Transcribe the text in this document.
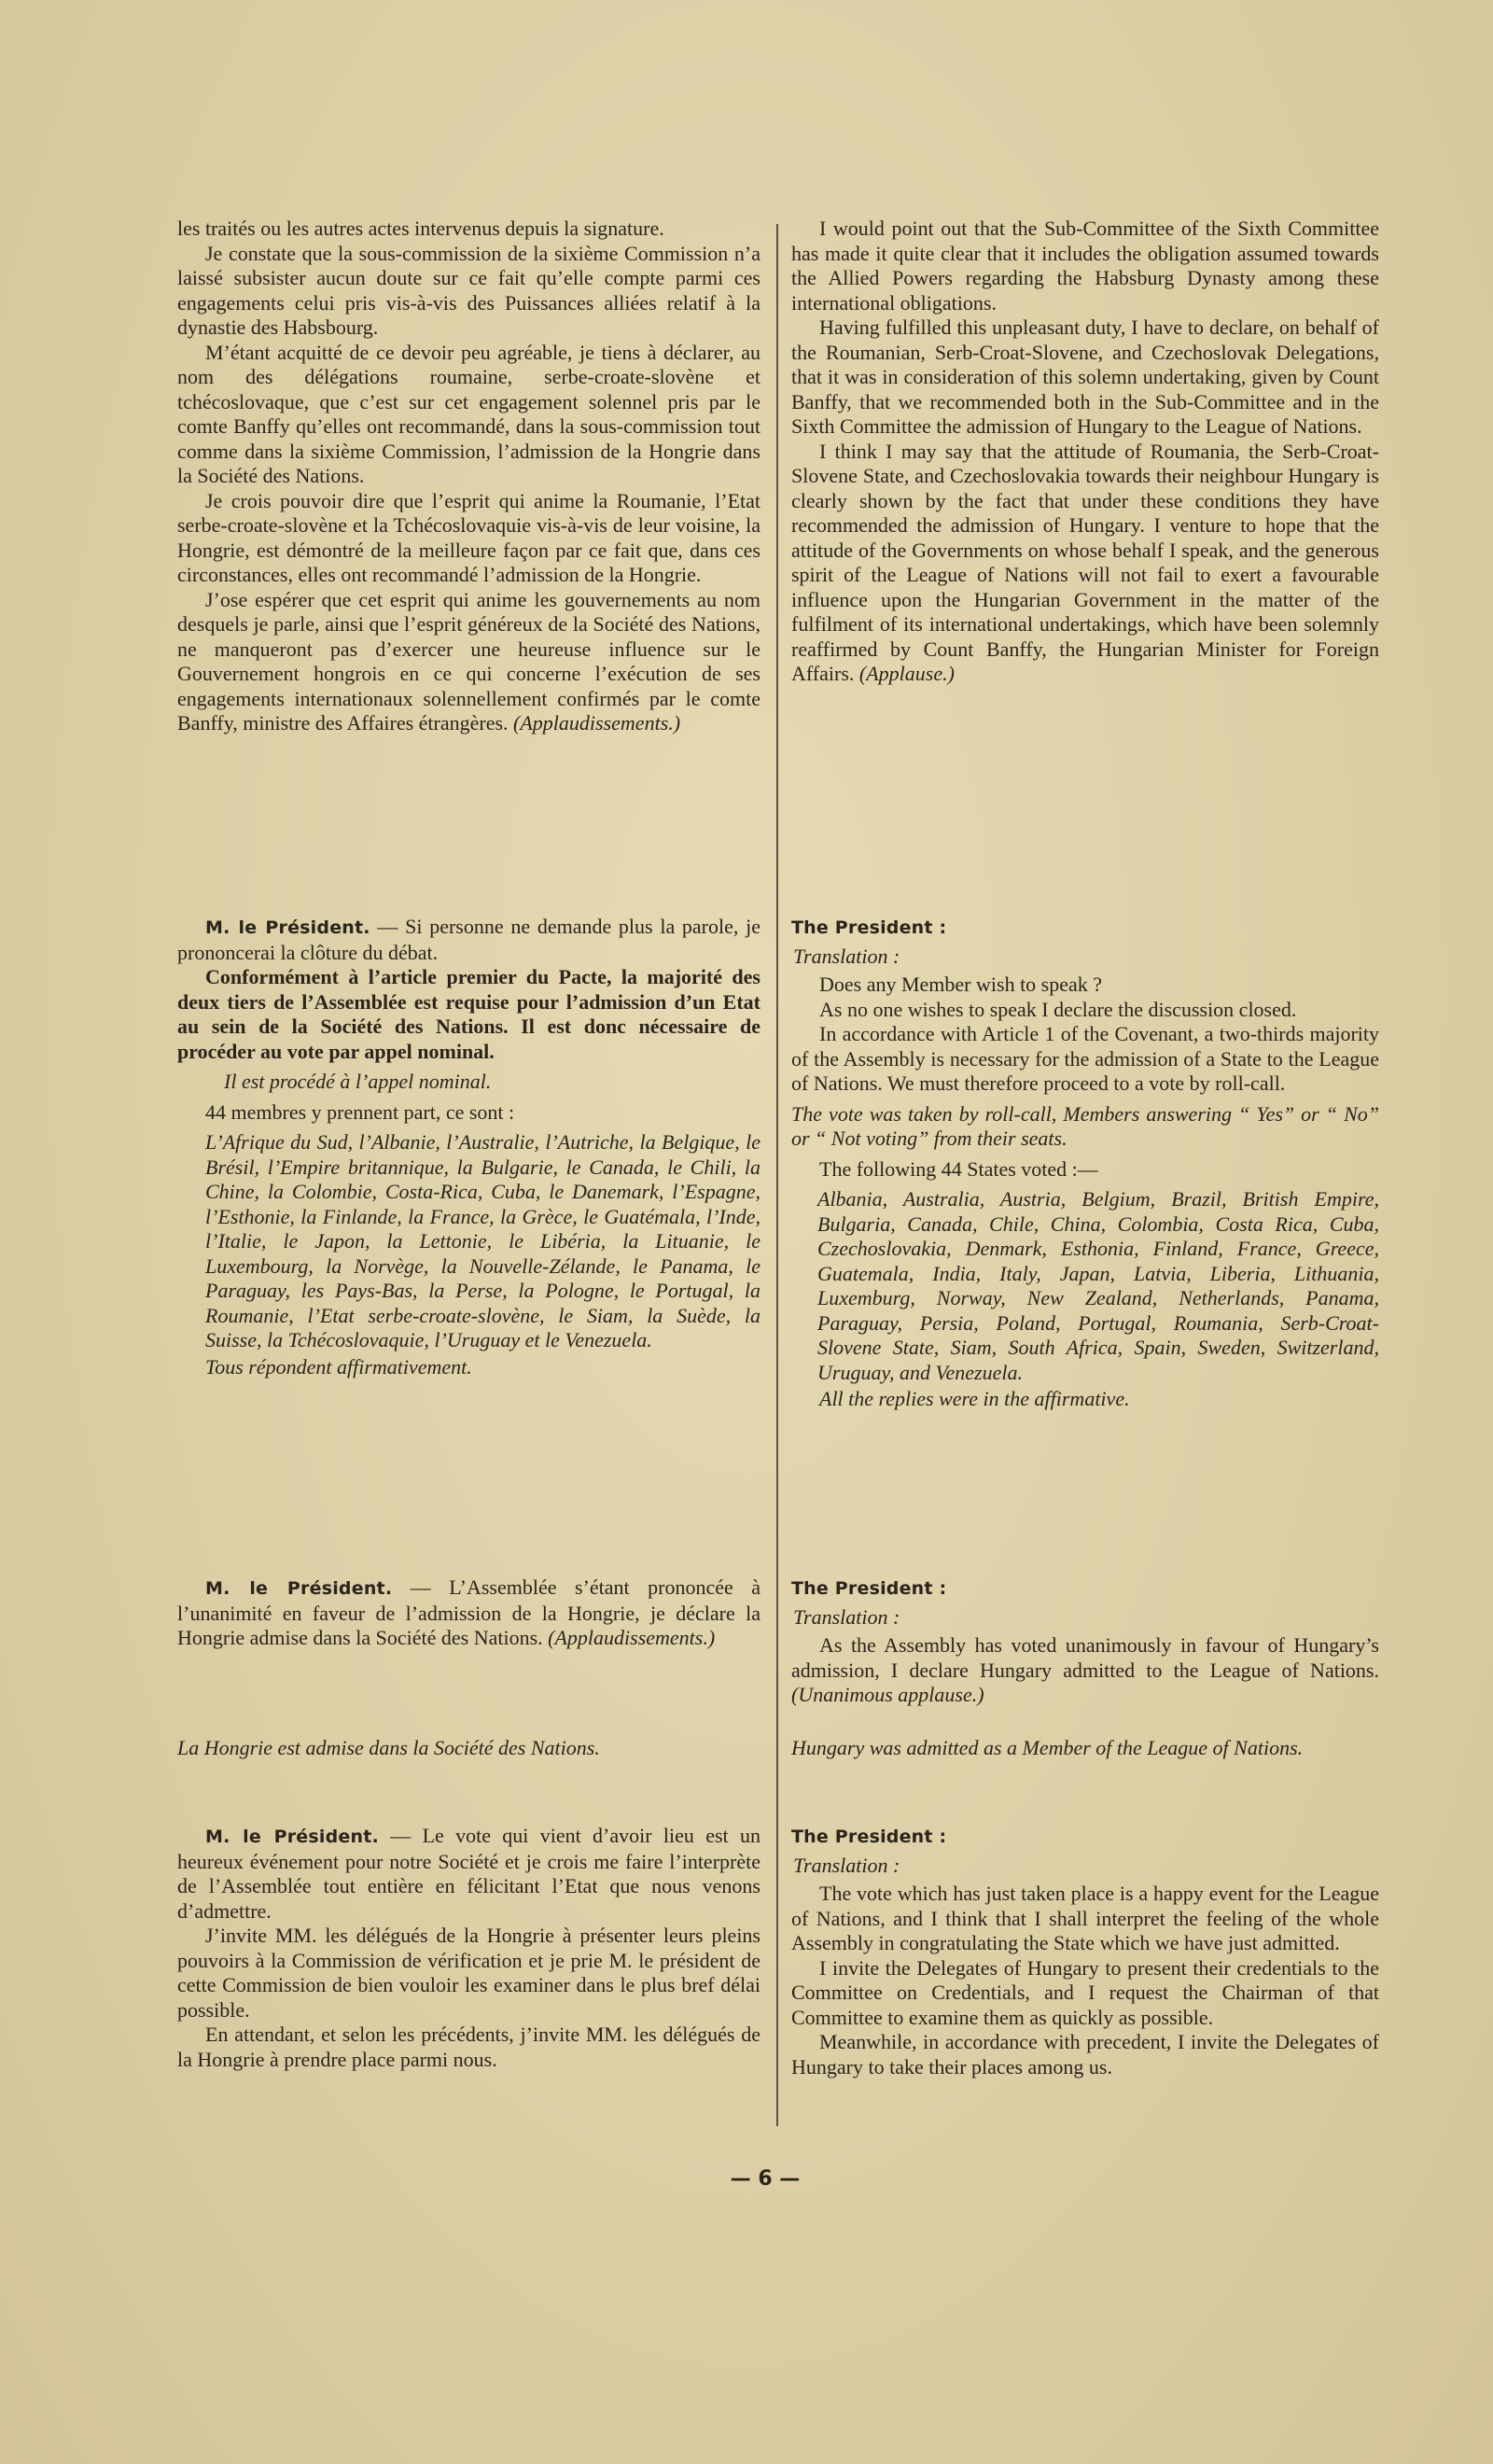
les traités ou les autres actes intervenus depuis la signature.

Je constate que la sous-commission de la sixième Commission n’a laissé subsister aucun doute sur ce fait qu’elle compte parmi ces engagements celui pris vis-à-vis des Puissances alliées relatif à la dynastie des Habsbourg.

M’étant acquitté de ce devoir peu agréable, je tiens à déclarer, au nom des délégations roumaine, serbe-croate-slovène et tchécoslovaque, que c’est sur cet engagement solennel pris par le comte Banffy qu’elles ont recommandé, dans la sous-commission tout comme dans la sixième Commission, l’admission de la Hongrie dans la Société des Nations.

Je crois pouvoir dire que l’esprit qui anime la Roumanie, l’Etat serbe-croate-slovène et la Tchécoslovaquie vis-à-vis de leur voisine, la Hongrie, est démontré de la meilleure façon par ce fait que, dans ces circonstances, elles ont recommandé l’admission de la Hongrie.

J’ose espérer que cet esprit qui anime les gouvernements au nom desquels je parle, ainsi que l’esprit généreux de la Société des Nations, ne manqueront pas d’exercer une heureuse influence sur le Gouvernement hongrois en ce qui concerne l’exécution de ses engagements internationaux solennellement confirmés par le comte Banffy, ministre des Affaires étrangères. (Applaudissements.)

M. le Président. — Si personne ne demande plus la parole, je prononcerai la clôture du débat.

Conformément à l’article premier du Pacte, la majorité des deux tiers de l’Assemblée est requise pour l’admission d’un Etat au sein de la Société des Nations. Il est donc nécessaire de procéder au vote par appel nominal.

Il est procédé à l’appel nominal.

44 membres y prennent part, ce sont :

L’Afrique du Sud, l’Albanie, l’Australie, l’Autriche, la Belgique, le Brésil, l’Empire britannique, la Bulgarie, le Canada, le Chili, la Chine, la Colombie, Costa-Rica, Cuba, le Danemark, l’Espagne, l’Esthonie, la Finlande, la France, la Grèce, le Guatémala, l’Inde, l’Italie, le Japon, la Lettonie, le Libéria, la Lituanie, le Luxembourg, la Norvège, la Nouvelle-Zélande, le Panama, le Paraguay, les Pays-Bas, la Perse, la Pologne, le Portugal, la Roumanie, l’Etat serbe-croate-slovène, le Siam, la Suède, la Suisse, la Tchécoslovaquie, l’Uruguay et le Venezuela.

Tous répondent affirmativement.

M. le Président. — L’Assemblée s’étant prononcée à l’unanimité en faveur de l’admission de la Hongrie, je déclare la Hongrie admise dans la Société des Nations. (Applaudissements.)

La Hongrie est admise dans la Société des Nations.

M. le Président. — Le vote qui vient d’avoir lieu est un heureux événement pour notre Société et je crois me faire l’interprète de l’Assemblée tout entière en félicitant l’Etat que nous venons d’admettre.

J’invite MM. les délégués de la Hongrie à présenter leurs pleins pouvoirs à la Commission de vérification et je prie M. le président de cette Commission de bien vouloir les examiner dans le plus bref délai possible.

En attendant, et selon les précédents, j’invite MM. les délégués de la Hongrie à prendre place parmi nous.

I would point out that the Sub-Committee of the Sixth Committee has made it quite clear that it includes the obligation assumed towards the Allied Powers regarding the Habsburg Dynasty among these international obligations.

Having fulfilled this unpleasant duty, I have to declare, on behalf of the Roumanian, Serb-Croat-Slovene, and Czechoslovak Delegations, that it was in consideration of this solemn undertaking, given by Count Banffy, that we recommended both in the Sub-Committee and in the Sixth Committee the admission of Hungary to the League of Nations.

I think I may say that the attitude of Roumania, the Serb-Croat-Slovene State, and Czechoslovakia towards their neighbour Hungary is clearly shown by the fact that under these conditions they have recommended the admission of Hungary. I venture to hope that the attitude of the Governments on whose behalf I speak, and the generous spirit of the League of Nations will not fail to exert a favourable influence upon the Hungarian Government in the matter of the fulfilment of its international undertakings, which have been solemnly reaffirmed by Count Banffy, the Hungarian Minister for Foreign Affairs. (Applause.)

The President :

Translation :

Does any Member wish to speak ?

As no one wishes to speak I declare the discussion closed.

In accordance with Article 1 of the Covenant, a two-thirds majority of the Assembly is necessary for the admission of a State to the League of Nations. We must therefore proceed to a vote by roll-call.

The vote was taken by roll-call, Members answering “ Yes” or “ No” or “ Not voting” from their seats.

The following 44 States voted :—

Albania, Australia, Austria, Belgium, Brazil, British Empire, Bulgaria, Canada, Chile, China, Colombia, Costa Rica, Cuba, Czechoslovakia, Denmark, Esthonia, Finland, France, Greece, Guatemala, India, Italy, Japan, Latvia, Liberia, Lithuania, Luxemburg, Norway, New Zealand, Netherlands, Panama, Paraguay, Persia, Poland, Portugal, Roumania, Serb-Croat-Slovene State, Siam, South Africa, Spain, Sweden, Switzerland, Uruguay, and Venezuela.

All the replies were in the affirmative.

The President :

Translation :

As the Assembly has voted unanimously in favour of Hungary’s admission, I declare Hungary admitted to the League of Nations. (Unanimous applause.)

Hungary was admitted as a Member of the League of Nations.

The President :

Translation :

The vote which has just taken place is a happy event for the League of Nations, and I think that I shall interpret the feeling of the whole Assembly in congratulating the State which we have just admitted.

I invite the Delegates of Hungary to present their credentials to the Committee on Credentials, and I request the Chairman of that Committee to examine them as quickly as possible.

Meanwhile, in accordance with precedent, I invite the Delegates of Hungary to take their places among us.

— 6 —
